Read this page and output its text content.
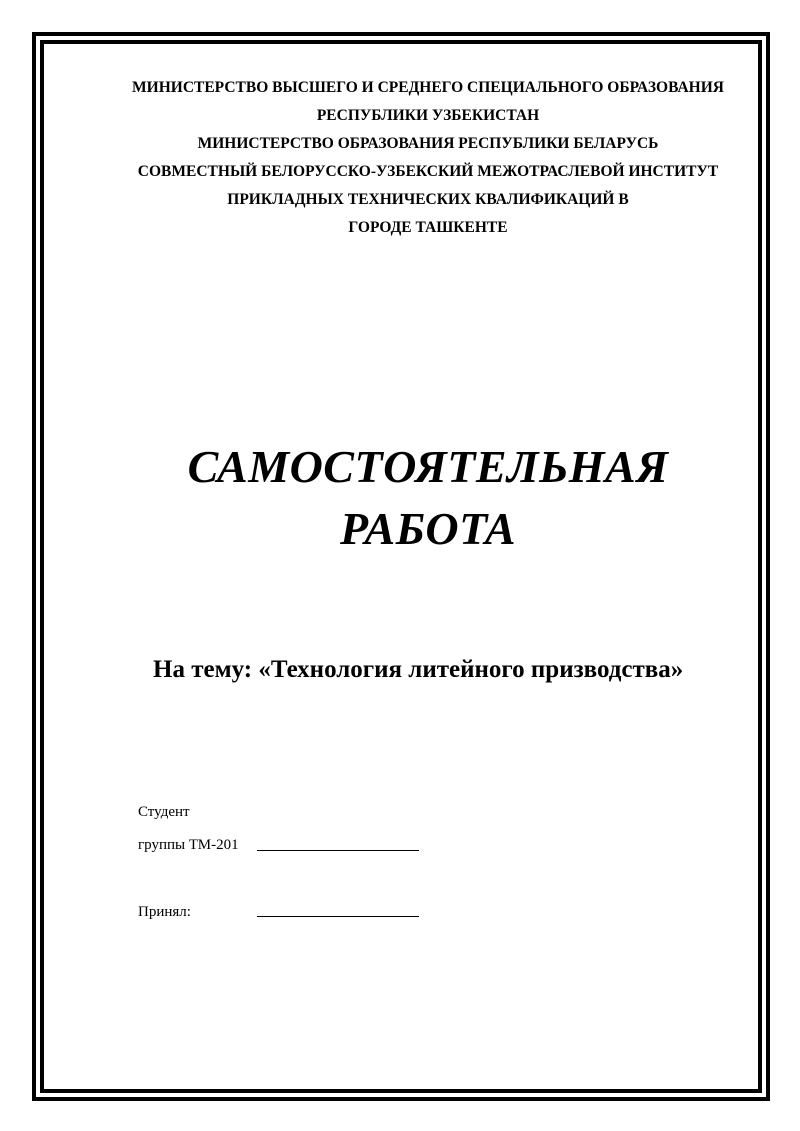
МИНИСТЕРСТВО ВЫСШЕГО И СРЕДНЕГО СПЕЦИАЛЬНОГО ОБРАЗОВАНИЯ
РЕСПУБЛИКИ УЗБЕКИСТАН
МИНИСТЕРСТВО ОБРАЗОВАНИЯ РЕСПУБЛИКИ БЕЛАРУСЬ
СОВМЕСТНЫЙ БЕЛОРУССКО-УЗБЕКСКИЙ МЕЖОТРАСЛЕВОЙ ИНСТИТУТ
ПРИКЛАДНЫХ ТЕХНИЧЕСКИХ КВАЛИФИКАЦИЙ В
ГОРОДЕ ТАШКЕНТЕ
САМОСТОЯТЕЛЬНАЯ
РАБОТА
На тему: «Технология литейного призводства»
Студент
группы ТМ-201
Принял:
